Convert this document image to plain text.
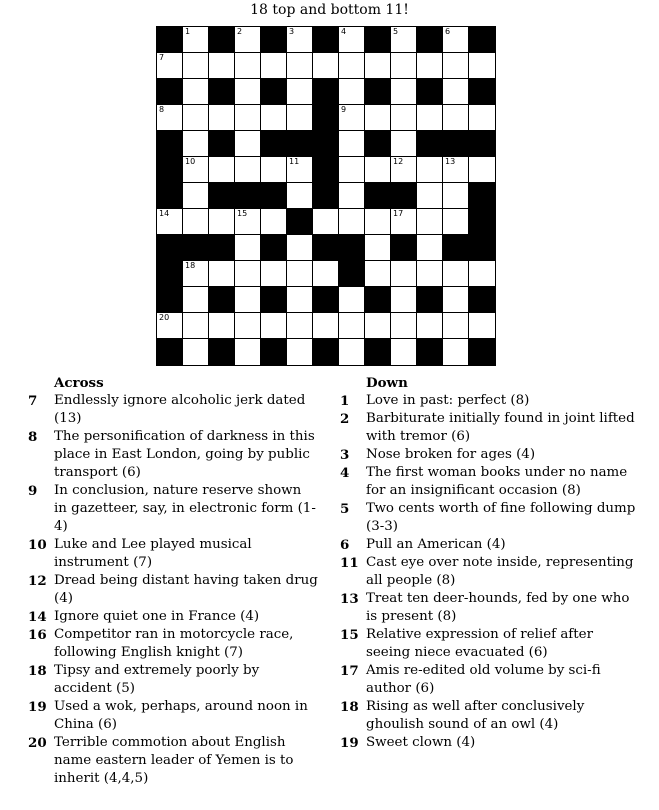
18 top and bottom 11!
1	2	3	4	5	6
7
8	9
10	11	12	13
14	15	17
18
20
Across
7	Endlessly ignore alcoholic jerk dated (13)
8	The personification of darkness in this place in East London, going by public transport (6)
9	In conclusion, nature reserve shown in gazetteer, say, in electronic form (1-4)
10 Luke and Lee played musical instrument (7)
12 Dread being distant having taken drug (4)
14 Ignore quiet one in France (4)
16 Competitor ran in motorcycle race, following English knight (7)
18 Tipsy and extremely poorly by accident (5)
19 Used a wok, perhaps, around noon in China (6)
20 Terrible commotion about English name eastern leader of Yemen is to inherit (4,4,5)
Down
1	Love in past: perfect (8)
2	Barbiturate initially found in joint lifted with tremor (6)
3	Nose broken for ages (4)
4	The first woman books under no name for an insignificant occasion (8)
5	Two cents worth of fine following dump (3-3)
6	Pull an American (4)
11 Cast eye over note inside, representing all people (8)
13 Treat ten deer-hounds, fed by one who is present (8)
15 Relative expression of relief after seeing niece evacuated (6)
17 Amis re-edited old volume by sci-fi author (6)
18 Rising as well after conclusively ghoulish sound of an owl (4)
19 Sweet clown (4)
